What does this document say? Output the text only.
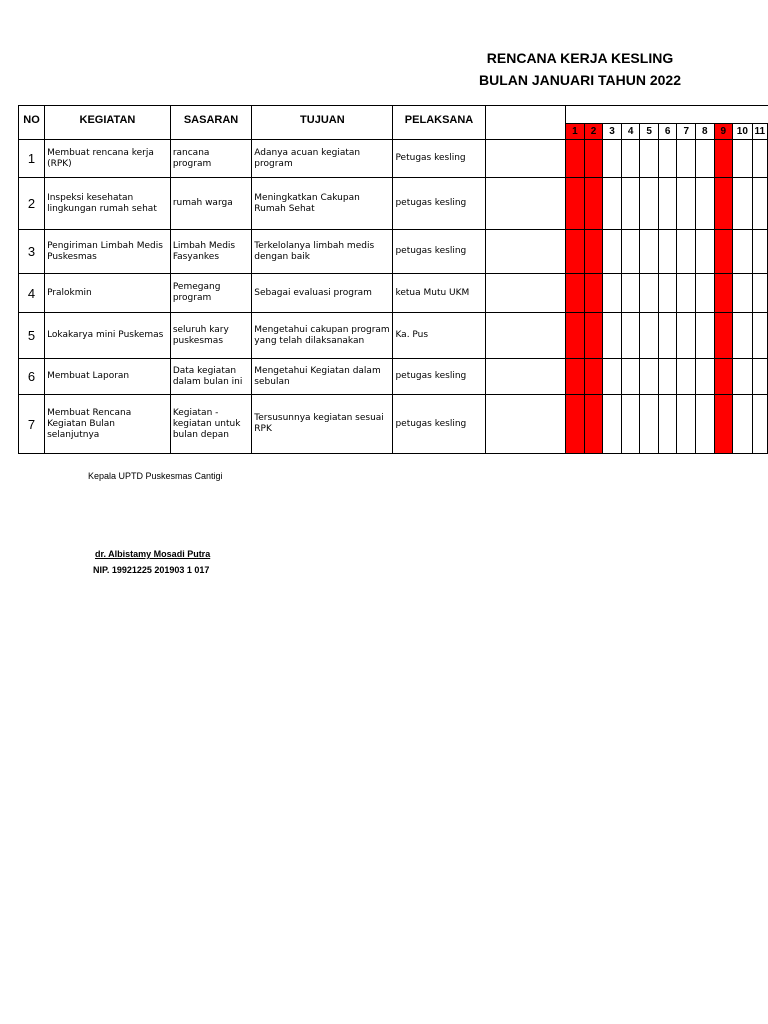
RENCANA KERJA KESLING
BULAN JANUARI TAHUN 2022
NO	KEGIATAN	SASARAN	TUJUAN	PELAKSANA												
						1	2	3	4	5	6	7	8	9	10	11
1	Membuat rencana kerja (RPK)	rancana program	Adanya acuan kegiatan program	Petugas kesling												
2	Inspeksi kesehatan lingkungan rumah sehat	rumah warga	Meningkatkan Cakupan Rumah Sehat	petugas kesling												
3	Pengiriman Limbah Medis Puskesmas	Limbah Medis Fasyankes	Terkelolanya limbah medis dengan baik	petugas kesling												
4	Pralokmin	Pemegang program	Sebagai evaluasi program	ketua Mutu UKM												
5	Lokakarya mini Puskemas	seluruh kary puskesmas	Mengetahui cakupan program yang telah dilaksanakan	Ka. Pus												
6	Membuat Laporan	Data kegiatan dalam bulan ini	Mengetahui Kegiatan dalam sebulan	petugas kesling												
7	Membuat Rencana Kegiatan Bulan selanjutnya	Kegiatan -kegiatan untuk bulan depan	Tersusunnya kegiatan sesuai RPK	petugas kesling												
Kepala UPTD Puskesmas Cantigi
dr. Albistamy Mosadi Putra
NIP. 19921225 201903 1 017
